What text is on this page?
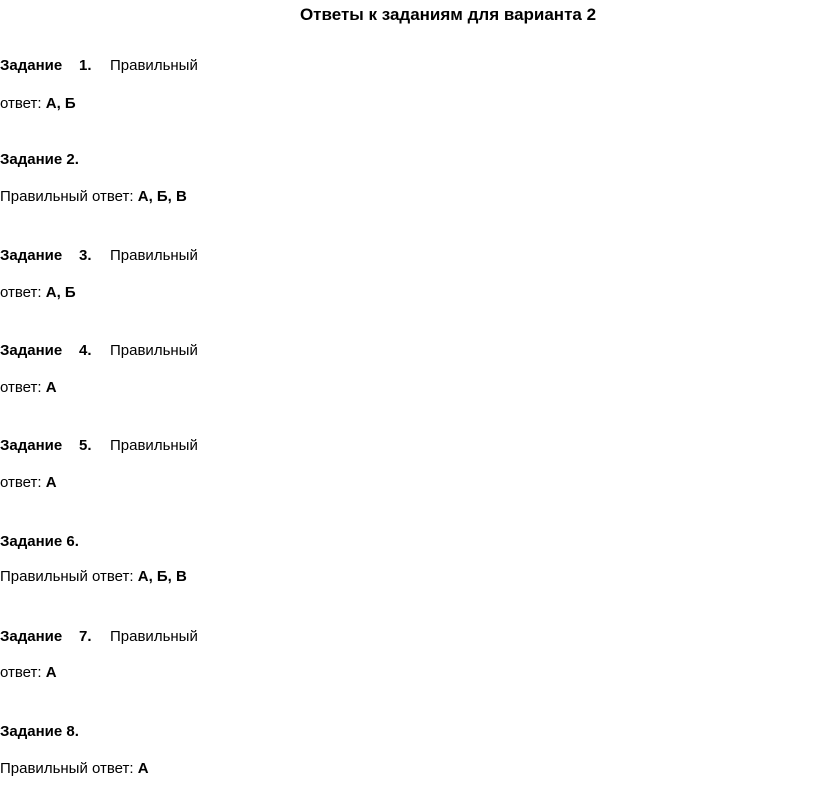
Ответы к заданиям для варианта 2
Задание 1. Правильный
ответ: А, Б
Задание 2.
Правильный ответ: А, Б, В
Задание 3. Правильный
ответ: А, Б
Задание 4. Правильный
ответ: А
Задание 5. Правильный
ответ: А
Задание 6.
Правильный ответ: А, Б, В
Задание 7. Правильный
ответ: А
Задание 8.
Правильный ответ: А
